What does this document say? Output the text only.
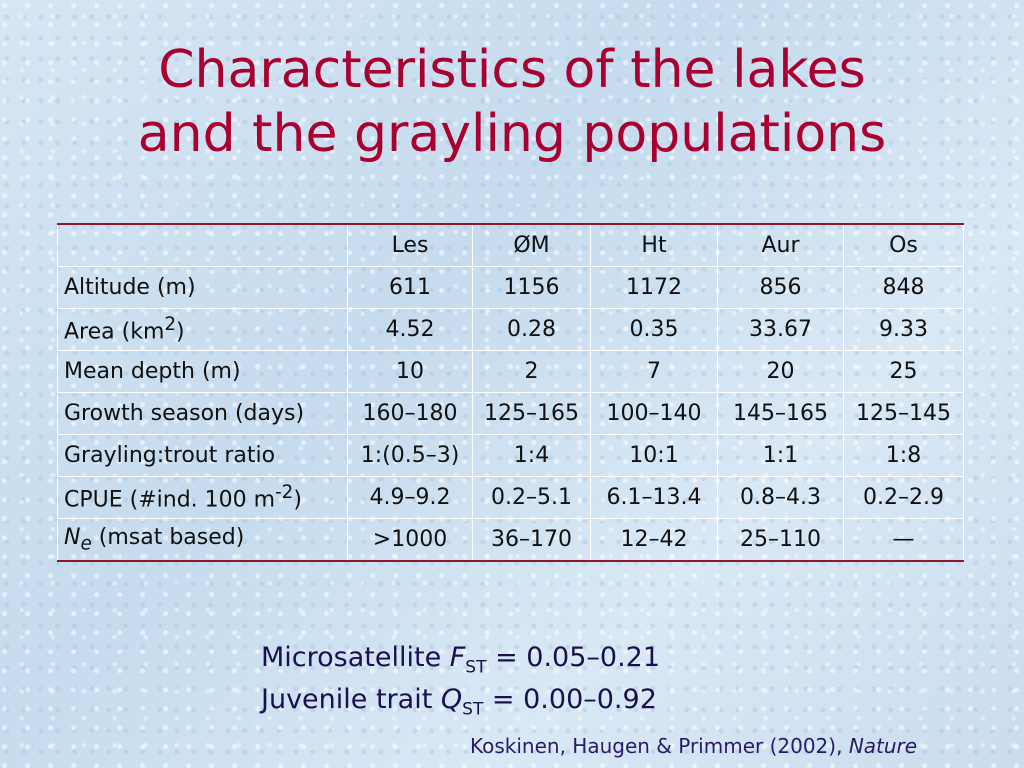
Characteristics of the lakes
and the grayling populations
	Les	ØM	Ht	Aur	Os
Altitude (m)	611	1156	1172	856	848
Area $(km^2)$	4.52	0.28	0.35	33.67	9.33
Mean depth (m)	10	2	7	20	25
Growth season (days)	160–180	125–165	100–140	145–165	125–145
Grayling:trout ratio	1:(0.5–3)	1:4	10:1	1:1	1:8
CPUE (#ind. 100 $m^{-2}$)	4.9–9.2	0.2–5.1	6.1–13.4	0.8–4.3	0.2–2.9
$N_e$ (msat based)	>1000	36–170	12–42	25–110	—
Microsatellite $F_{ST} = 0.05-0.21$
Juvenile trait $Q_{ST} = 0.00-0.92$
Koskinen, Haugen & Primmer (2002), Nature
